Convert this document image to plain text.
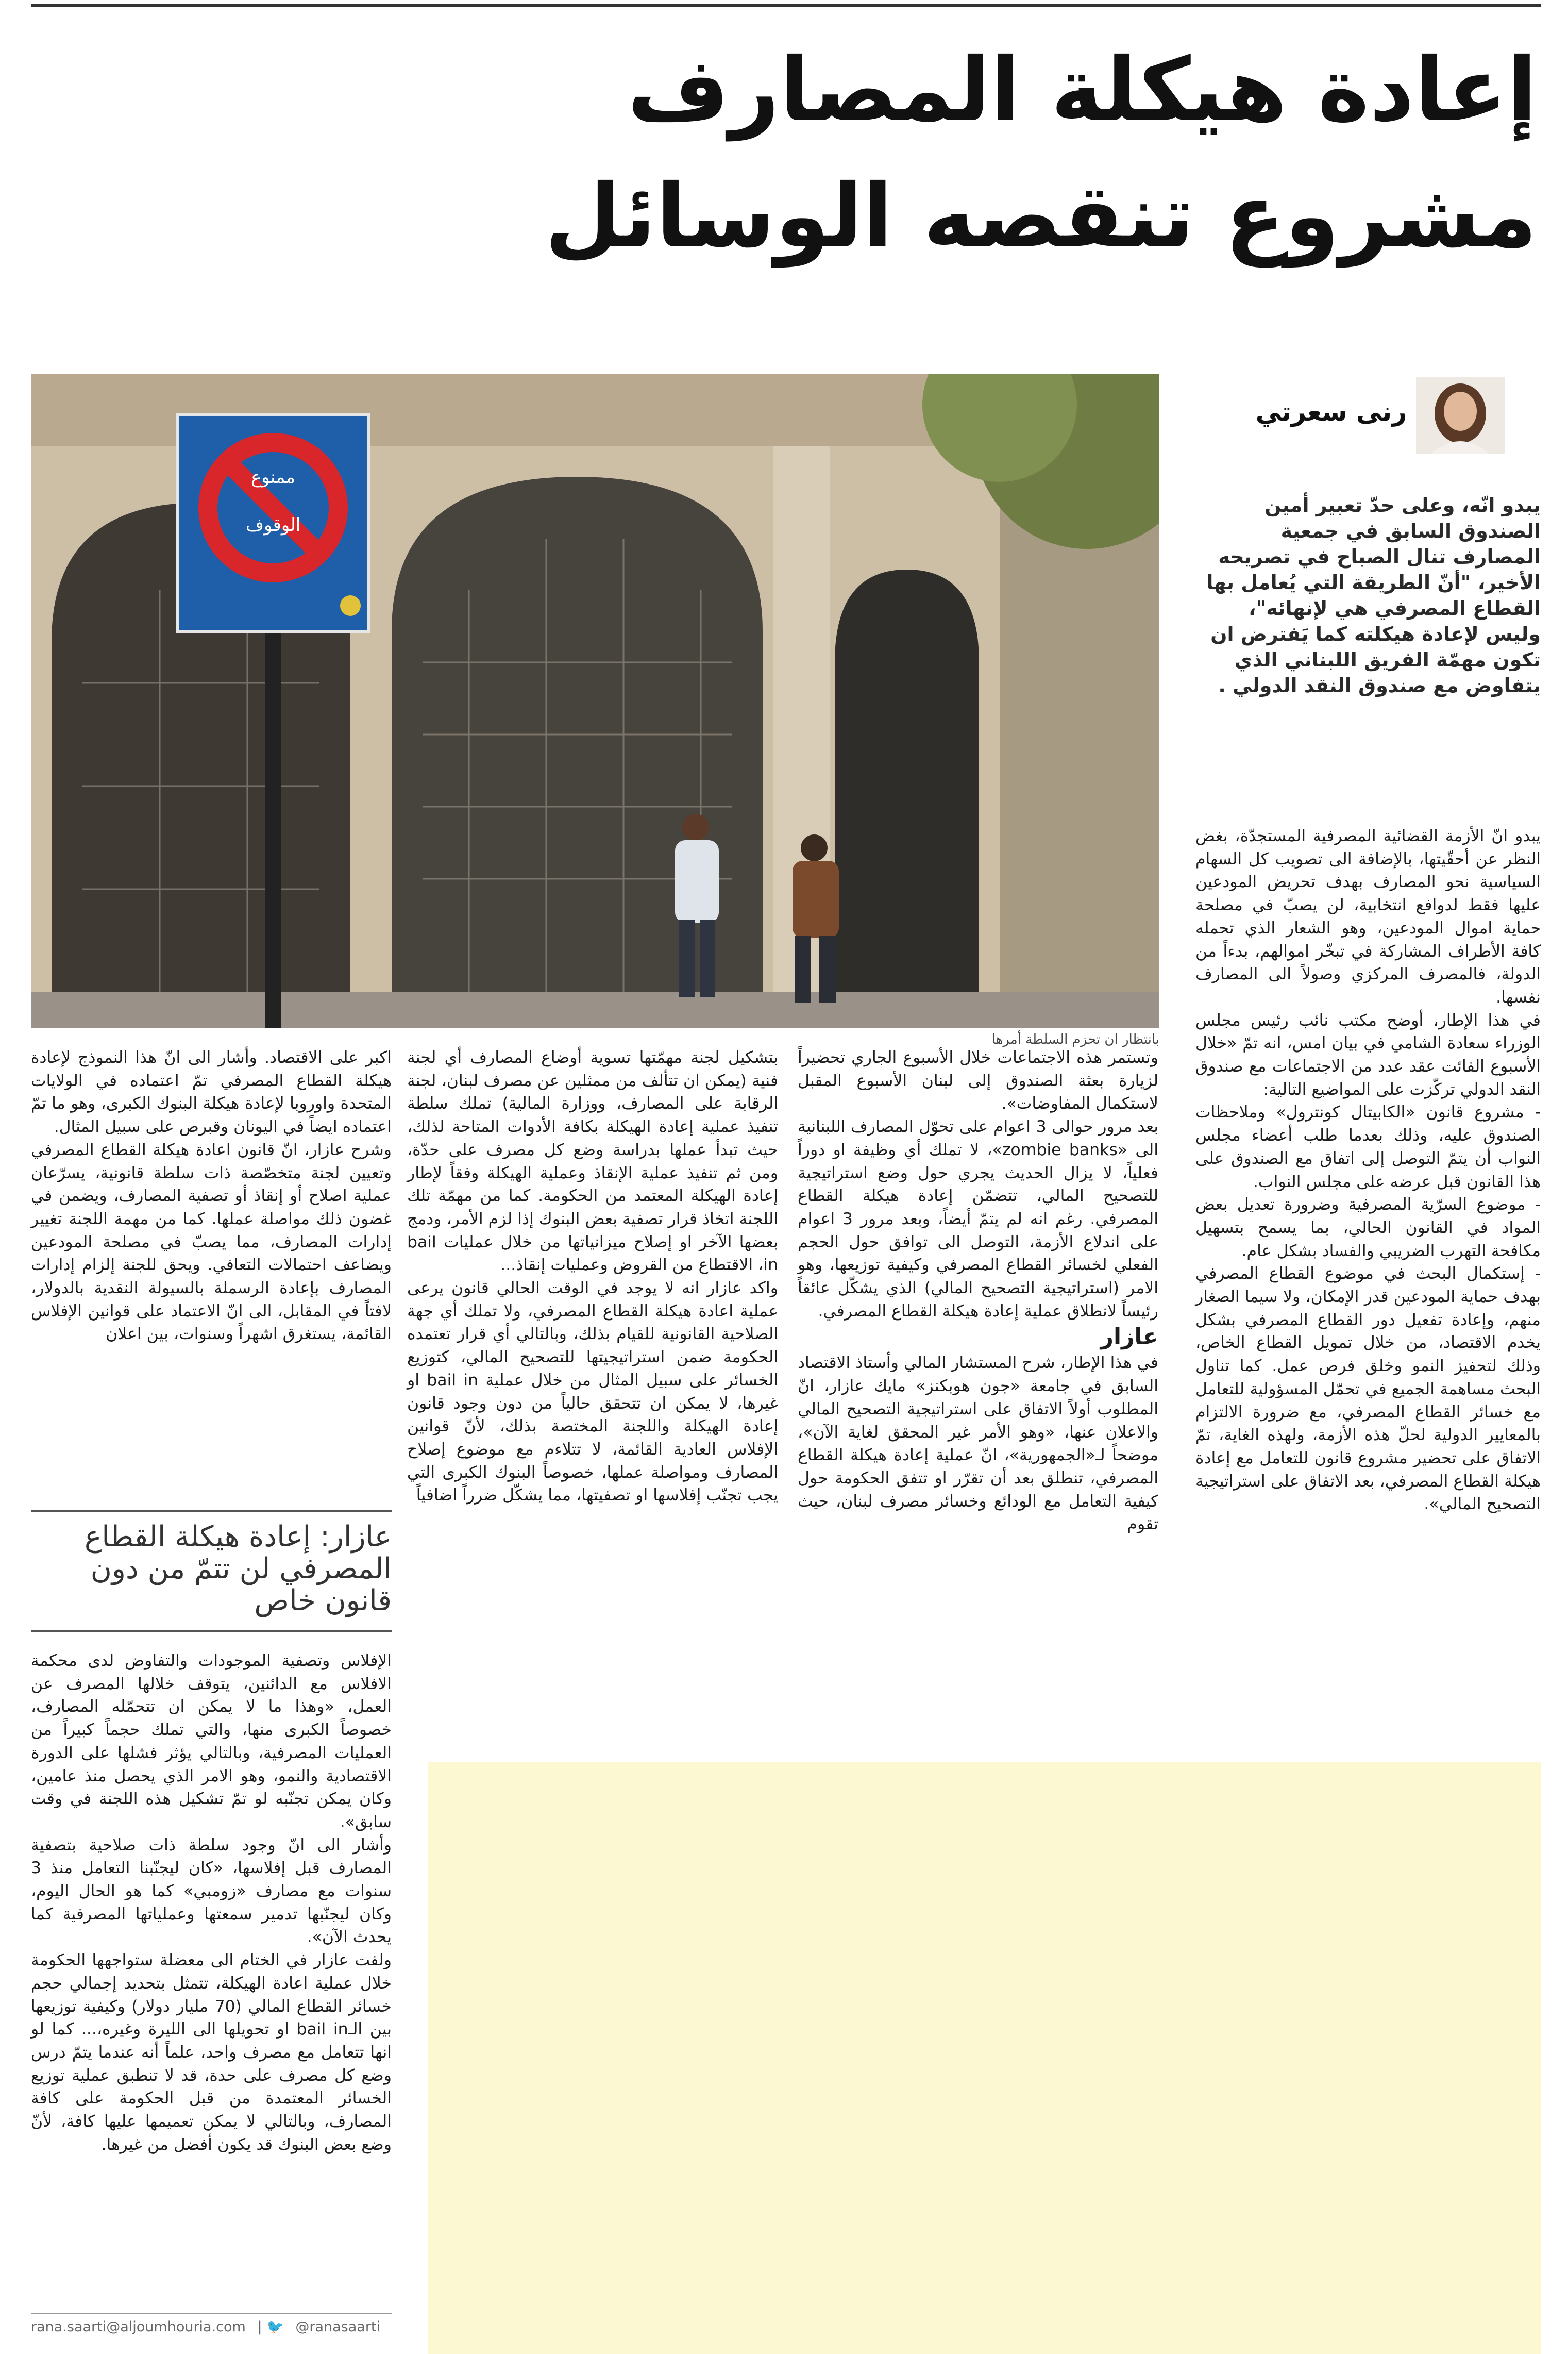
إعادة هيكلة المصارف
مشروع تنقصه الوسائل
ممنوع
الوقوف
بانتظار ان تحزم السلطة أمرها
رنى سعرتي
يبدو انّه، وعلى حدّ تعبير أمين الصندوق السابق في جمعية المصارف تنال الصباح في تصريحه الأخير، "أنّ الطريقة التي يُعامل بها القطاع المصرفي هي لإنهائه"، وليس لإعادة هيكلته كما يَفترض ان تكون مهمّة الفريق اللبناني الذي يتفاوض مع صندوق النقد الدولي .

يبدو انّ الأزمة القضائية المصرفية المستجدّة، بغض النظر عن أحقّيتها، بالإضافة الى تصويب كل السهام السياسية نحو المصارف بهدف تحريض المودعين عليها فقط لدوافع انتخابية، لن يصبّ في مصلحة حماية اموال المودعين، وهو الشعار الذي تحمله كافة الأطراف المشاركة في تبخّر اموالهم، بدءاً من الدولة، فالمصرف المركزي وصولاً الى المصارف نفسها.

في هذا الإطار، أوضح مكتب نائب رئيس مجلس الوزراء سعادة الشامي في بيان امس، انه تمّ «خلال الأسبوع الفائت عقد عدد من الاجتماعات مع صندوق النقد الدولي تركّزت على المواضيع التالية:

- مشروع قانون «الكابيتال كونترول» وملاحظات الصندوق عليه، وذلك بعدما طلب أعضاء مجلس النواب أن يتمّ التوصل إلى اتفاق مع الصندوق على هذا القانون قبل عرضه على مجلس النواب.

- موضوع السرّية المصرفية وضرورة تعديل بعض المواد في القانون الحالي، بما يسمح بتسهيل مكافحة التهرب الضريبي والفساد بشكل عام.

- إستكمال البحث في موضوع القطاع المصرفي بهدف حماية المودعين قدر الإمكان، ولا سيما الصغار منهم، وإعادة تفعيل دور القطاع المصرفي بشكل يخدم الاقتصاد، من خلال تمويل القطاع الخاص، وذلك لتحفيز النمو وخلق فرص عمل. كما تناول البحث مساهمة الجميع في تحمّل المسؤولية للتعامل مع خسائر القطاع المصرفي، مع ضرورة الالتزام بالمعايير الدولية لحلّ هذه الأزمة، ولهذه الغاية، تمّ الاتفاق على تحضير مشروع قانون للتعامل مع إعادة هيكلة القطاع المصرفي، بعد الاتفاق على استراتيجية التصحيح المالي».

وتستمر هذه الاجتماعات خلال الأسبوع الجاري تحضيراً لزيارة بعثة الصندوق إلى لبنان الأسبوع المقبل لاستكمال المفاوضات».

بعد مرور حوالى 3 اعوام على تحوّل المصارف اللبنانية الى «zombie banks»، لا تملك أي وظيفة او دوراً فعلياً، لا يزال الحديث يجري حول وضع استراتيجية للتصحيح المالي، تتضمّن إعادة هيكلة القطاع المصرفي. رغم انه لم يتمّ أيضاً، وبعد مرور 3 اعوام على اندلاع الأزمة، التوصل الى توافق حول الحجم الفعلي لخسائر القطاع المصرفي وكيفية توزيعها، وهو الامر (استراتيجية التصحيح المالي) الذي يشكّل عائقاً رئيساً لانطلاق عملية إعادة هيكلة القطاع المصرفي.

عازار

في هذا الإطار، شرح المستشار المالي وأستاذ الاقتصاد السابق في جامعة «جون هوبكنز» مايك عازار، انّ المطلوب أولاً الاتفاق على استراتيجية التصحيح المالي والاعلان عنها، «وهو الأمر غير المحقق لغاية الآن»، موضحاً لـ«الجمهورية»، انّ عملية إعادة هيكلة القطاع المصرفي، تنطلق بعد أن تقرّر او تتفق الحكومة حول كيفية التعامل مع الودائع وخسائر مصرف لبنان، حيث تقوم

بتشكيل لجنة مهمّتها تسوية أوضاع المصارف أي لجنة فنية (يمكن ان تتألف من ممثلين عن مصرف لبنان، لجنة الرقابة على المصارف، ووزارة المالية) تملك سلطة تنفيذ عملية إعادة الهيكلة بكافة الأدوات المتاحة لذلك، حيث تبدأ عملها بدراسة وضع كل مصرف على حدّة، ومن ثم تنفيذ عملية الإنقاذ وعملية الهيكلة وفقاً لإطار إعادة الهيكلة المعتمد من الحكومة. كما من مهمّة تلك اللجنة اتخاذ قرار تصفية بعض البنوك إذا لزم الأمر، ودمج بعضها الآخر او إصلاح ميزانياتها من خلال عمليات bail in، الاقتطاع من القروض وعمليات إنقاذ...

واكد عازار انه لا يوجد في الوقت الحالي قانون يرعى عملية اعادة هيكلة القطاع المصرفي، ولا تملك أي جهة الصلاحية القانونية للقيام بذلك، وبالتالي أي قرار تعتمده الحكومة ضمن استراتيجيتها للتصحيح المالي، كتوزيع الخسائر على سبيل المثال من خلال عملية bail in او غيرها، لا يمكن ان تتحقق حالياً من دون وجود قانون إعادة الهيكلة واللجنة المختصة بذلك، لأنّ قوانين الإفلاس العادية القائمة، لا تتلاءم مع موضوع إصلاح المصارف ومواصلة عملها، خصوصاً البنوك الكبرى التي يجب تجنّب إفلاسها او تصفيتها، مما يشكّل ضرراً اضافياً

اكبر على الاقتصاد. وأشار الى انّ هذا النموذج لإعادة هيكلة القطاع المصرفي تمّ اعتماده في الولايات المتحدة واوروبا لإعادة هيكلة البنوك الكبرى، وهو ما تمّ اعتماده ايضاً في اليونان وقبرص على سبيل المثال.

وشرح عازار، انّ قانون اعادة هيكلة القطاع المصرفي وتعيين لجنة متخصّصة ذات سلطة قانونية، يسرّعان عملية اصلاح أو إنقاذ أو تصفية المصارف، ويضمن في غضون ذلك مواصلة عملها. كما من مهمة اللجنة تغيير إدارات المصارف، مما يصبّ في مصلحة المودعين ويضاعف احتمالات التعافي. ويحق للجنة إلزام إدارات المصارف بإعادة الرسملة بالسيولة النقدية بالدولار، لافتاً في المقابل، الى انّ الاعتماد على قوانين الإفلاس القائمة، يستغرق اشهراً وسنوات، بين اعلان

عازار: إعادة هيكلة القطاع المصرفي لن تتمّ من دون قانون خاص

الإفلاس وتصفية الموجودات والتفاوض لدى محكمة الافلاس مع الدائنين، يتوقف خلالها المصرف عن العمل، «وهذا ما لا يمكن ان تتحمّله المصارف، خصوصاً الكبرى منها، والتي تملك حجماً كبيراً من العمليات المصرفية، وبالتالي يؤثر فشلها على الدورة الاقتصادية والنمو، وهو الامر الذي يحصل منذ عامين، وكان يمكن تجنّبه لو تمّ تشكيل هذه اللجنة في وقت سابق».

وأشار الى انّ وجود سلطة ذات صلاحية بتصفية المصارف قبل إفلاسها، «كان ليجنّبنا التعامل منذ 3 سنوات مع مصارف «زومبي» كما هو الحال اليوم، وكان ليجنّبها تدمير سمعتها وعملياتها المصرفية كما يحدث الآن».

ولفت عازار في الختام الى معضلة ستواجهها الحكومة خلال عملية اعادة الهيكلة، تتمثل بتحديد إجمالي حجم خسائر القطاع المالي (70 مليار دولار) وكيفية توزيعها بين الـbail in او تحويلها الى الليرة وغيره،... كما لو انها تتعامل مع مصرف واحد، علماً أنه عندما يتمّ درس وضع كل مصرف على حدة، قد لا تنطبق عملية توزيع الخسائر المعتمدة من قبل الحكومة على كافة المصارف، وبالتالي لا يمكن تعميمها عليها كافة، لأنّ وضع بعض البنوك قد يكون أفضل من غيرها.

rana.saarti@aljoumhouria.com | 🐦 @ranasaarti
